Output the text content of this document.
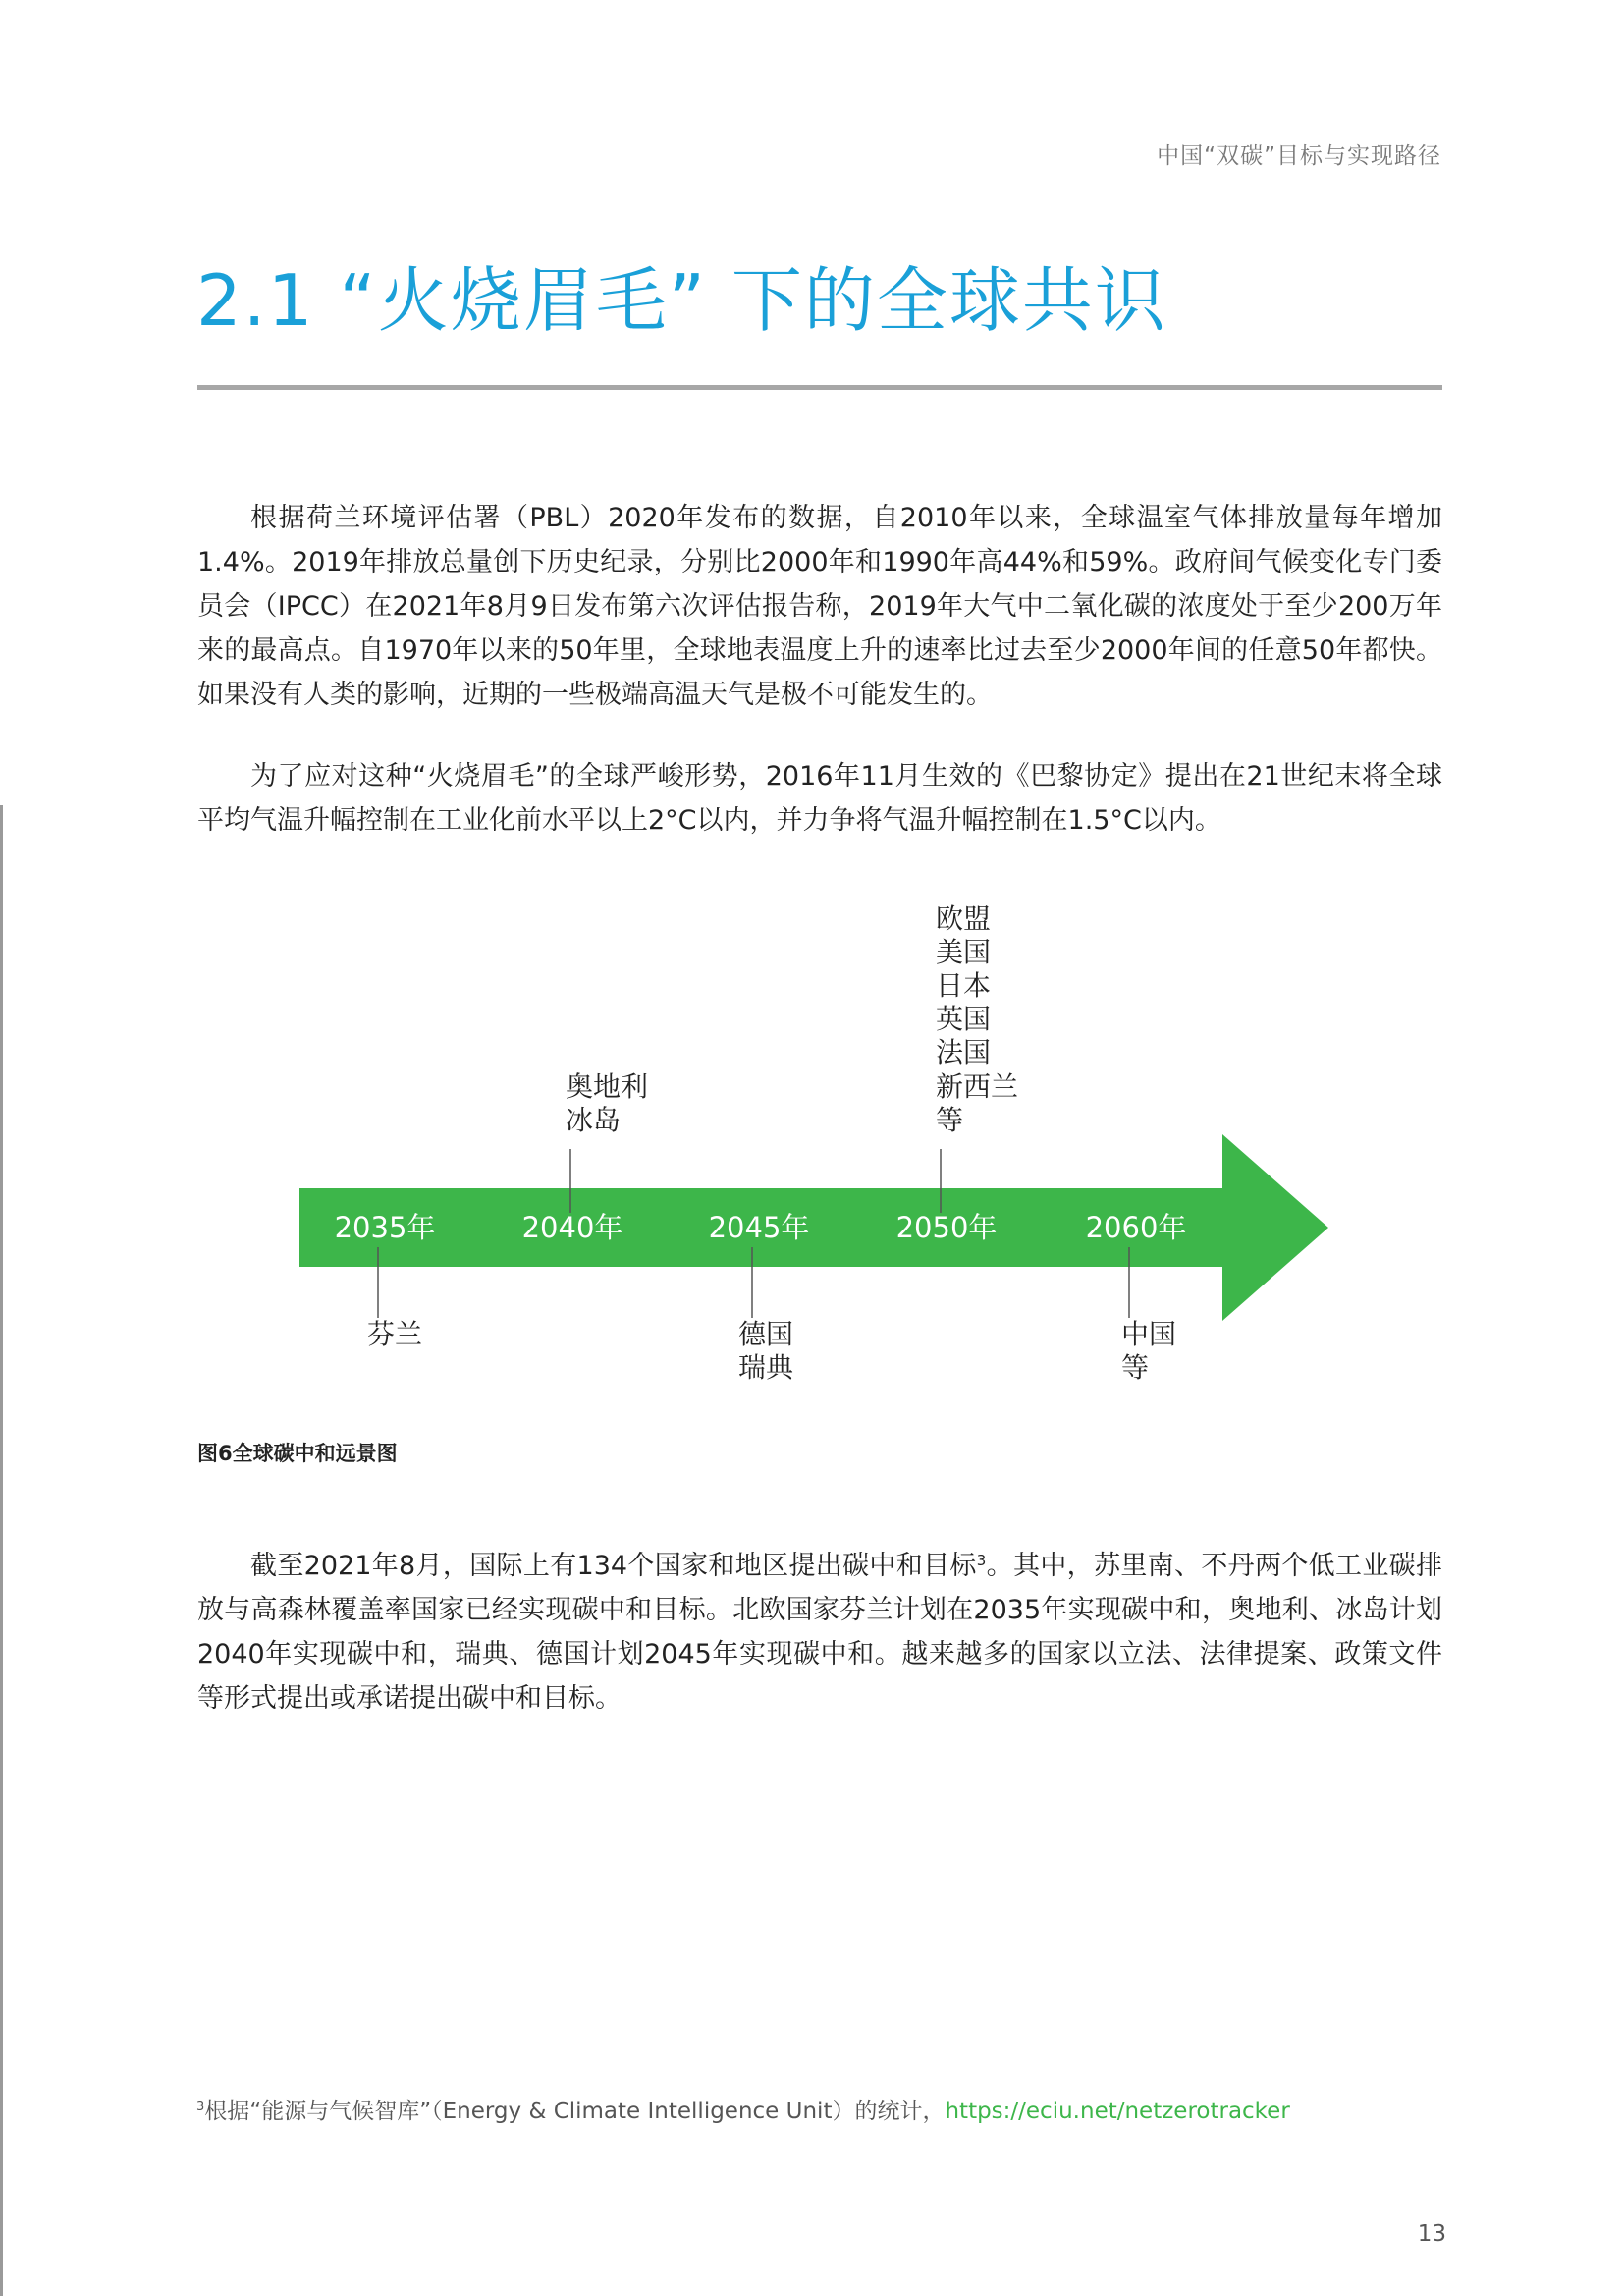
中国“双碳”目标与实现路径
2.1 “火烧眉毛” 下的全球共识

根据荷兰环境评估署（PBL）2020年发布的数据，自2010年以来，全球温室气体排放量每年增加1.4%。2019年排放总量创下历史纪录，分别比2000年和1990年高44%和59%。政府间气候变化专门委员会（IPCC）在2021年8月9日发布第六次评估报告称，2019年大气中二氧化碳的浓度处于至少200万年来的最高点。自1970年以来的50年里，全球地表温度上升的速率比过去至少2000年间的任意50年都快。如果没有人类的影响，近期的一些极端高温天气是极不可能发生的。

为了应对这种“火烧眉毛”的全球严峻形势，2016年11月生效的《巴黎协定》提出在21世纪末将全球平均气温升幅控制在工业化前水平以上2°C以内，并力争将气温升幅控制在1.5°C以内。

2035年	2040年	2045年	2050年	2060年
奥地利
冰岛
欧盟
美国
日本
英国
法国
新西兰
等
芬兰	德国
瑞典
中国
等

图6全球碳中和远景图

截至2021年8月，国际上有134个国家和地区提出碳中和目标$^3$。其中，苏里南、不丹两个低工业碳排放与高森林覆盖率国家已经实现碳中和目标。北欧国家芬兰计划在2035年实现碳中和，奥地利、冰岛计划2040年实现碳中和，瑞典、德国计划2045年实现碳中和。越来越多的国家以立法、法律提案、政策文件等形式提出或承诺提出碳中和目标。

$^3$根据“能源与气候智库”（Energy & Climate Intelligence Unit）的统计，https://eciu.net/netzerotracker

13
